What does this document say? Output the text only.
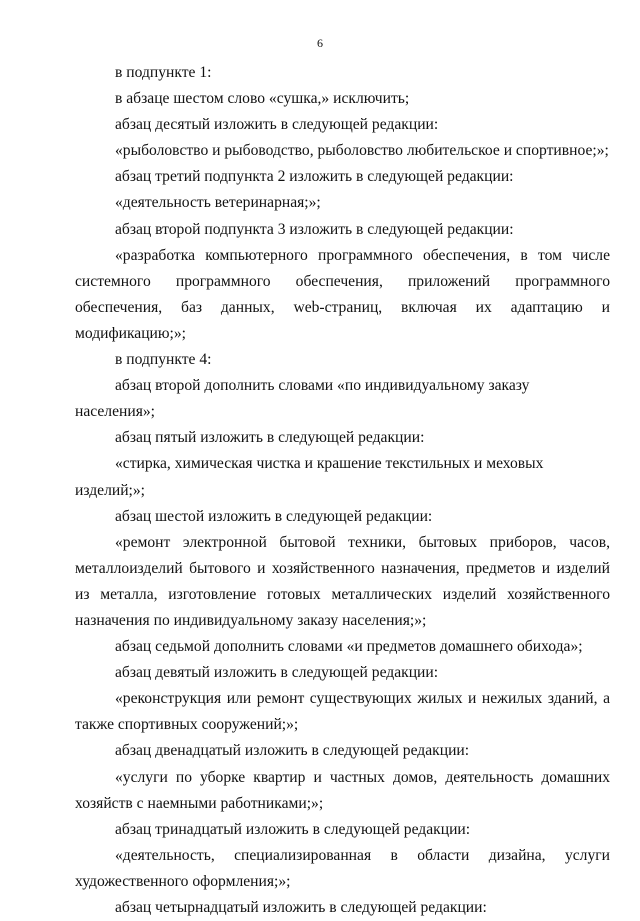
6

в подпункте 1:

в абзаце шестом слово «сушка,» исключить;

абзац десятый изложить в следующей редакции:

«рыболовство и рыбоводство, рыболовство любительское и спортивное;»;

абзац третий подпункта 2 изложить в следующей редакции:

«деятельность ветеринарная;»;

абзац второй подпункта 3 изложить в следующей редакции:

«разработка компьютерного программного обеспечения, в том числе системного программного обеспечения, приложений программного обеспечения, баз данных, web-страниц, включая их адаптацию и модификацию;»;

в подпункте 4:

абзац второй дополнить словами «по индивидуальному заказу населения»;

абзац пятый изложить в следующей редакции:

«стирка, химическая чистка и крашение текстильных и меховых изделий;»;

абзац шестой изложить в следующей редакции:

«ремонт электронной бытовой техники, бытовых приборов, часов, металлоизделий бытового и хозяйственного назначения, предметов и изделий из металла, изготовление готовых металлических изделий хозяйственного назначения по индивидуальному заказу населения;»;

абзац седьмой дополнить словами «и предметов домашнего обихода»;

абзац девятый изложить в следующей редакции:

«реконструкция или ремонт существующих жилых и нежилых зданий, а также спортивных сооружений;»;

абзац двенадцатый изложить в следующей редакции:

«услуги по уборке квартир и частных домов, деятельность домашних хозяйств с наемными работниками;»;

абзац тринадцатый изложить в следующей редакции:

«деятельность, специализированная в области дизайна, услуги художественного оформления;»;

абзац четырнадцатый изложить в следующей редакции:
